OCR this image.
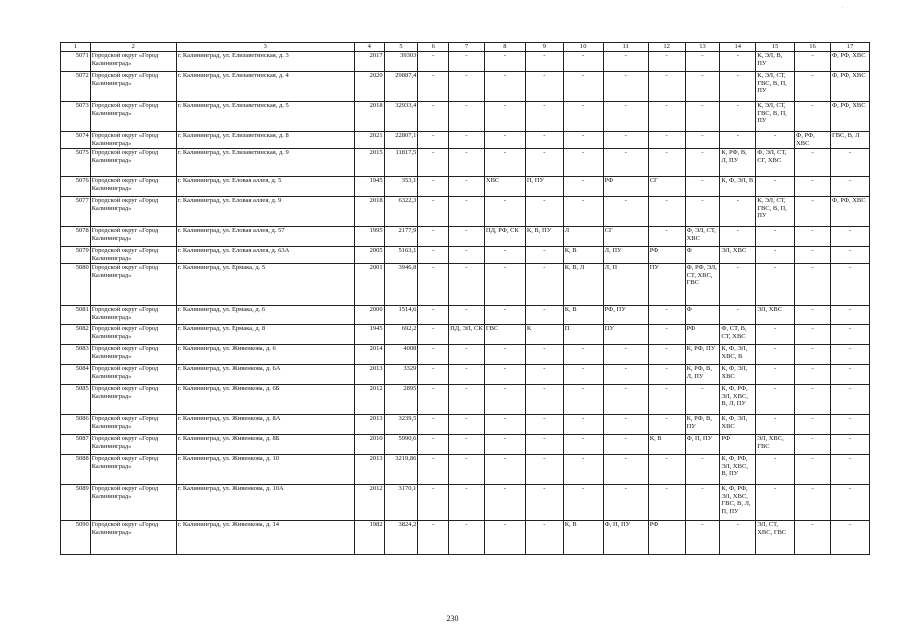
·
1	2	3	4	5	6	7	8	9	10	11	12	13	14	15	16	17
5071	Городской округ «Город Калининград»	г. Калининград, ул. Елизаветинская, д. 3	2017	39303	-	-	-	-	-	-	-	-	-	К, ЭЛ, В, ПУ	-	Ф, РФ, ХВС
5072	Городской округ «Город Калининград»	г. Калининград, ул. Елизаветинская, д. 4	2020	29887,4	-	-	-	-	-	-	-	-	-	К, ЭЛ, СТ, ГВС, В, П, ПУ	-	Ф, РФ, ХВС
5073	Городской округ «Город Калининград»	г. Калининград, ул. Елизаветинская, д. 5	2018	32933,4	-	-	-	-	-	-	-	-	-	К, ЭЛ, СТ, ГВС, В, П, ПУ	-	Ф, РФ, ХВС
5074	Городской округ «Город Калининград»	г. Калининград, ул. Елизаветинская, д. 8	2021	22807,1	-	-	-	-	-	-	-	-	-	-	Ф, РФ, ХВС	ГВС, В, Л
5075	Городской округ «Город Калининград»	г. Калининград, ул. Елизаветинская, д. 9	2015	11817,5	-	-	-	-	-	-	-	-	К, РФ, В, Л, ПУ	Ф, ЭЛ, СТ, СГ, ХВС	-	-
5076	Городской округ «Город Калининград»	г. Калининград, ул. Еловая аллея, д. 5	1945	353,1	-	-	ХВС	П, ПУ	-	РФ	СГ	-	К, Ф, ЭЛ, В	-	-	-
5077	Городской округ «Город Калининград»	г. Калининград, ул. Еловая аллея, д. 9	2018	6322,3	-	-	-	-	-	-	-	-	-	К, ЭЛ, СТ, ГВС, В, П, ПУ	-	Ф, РФ, ХВС
5078	Городской округ «Город Калининград»	г. Калининград, ул. Еловая аллея, д. 57	1995	2177,9	-	-	ПД, РФ, СК	К, В, ПУ	Л	СГ	-	Ф, ЭЛ, СТ, ХВС	-	-	-	-
5079	Городской округ «Город Калининград»	г. Калининград, ул. Еловая аллея, д. 63А	2005	5163,1	-	-	-	-	К, В	Л, ПУ	РФ	Ф	ЭЛ, ХВС	-	-	-
5080	Городской округ «Город Калининград»	г. Калининград, ул. Ермака, д. 5	2001	3946,8	-	-	-	-	К, В, Л	Л, П	ПУ	Ф, РФ, ЭЛ, СТ, ХВС, ГВС	-	-	-	-
5081	Городской округ «Город Калининград»	г. Калининград, ул. Ермака, д. 6	2000	1514,6	-	-	-	-	К, В	РФ, ПУ	-	Ф	-	ЭЛ, ХВС	-	-
5082	Городской округ «Город Калининград»	г. Калининград, ул. Ермака, д. 8	1945	692,2	-	ПД, ЭЛ, СК	ГВС	К	П	ПУ	-	РФ	Ф, СТ, В, СТ, ХВС	-	-	-
5083	Городской округ «Город Калининград»	г. Калининград, ул. Живенкова, д. 6	2014	4008	-	-	-	-	-	-	-	К, РФ, ПУ	К, Ф, ЭЛ, ХВС, В	-	-	-
5084	Городской округ «Город Калининград»	г. Калининград, ул. Живенкова, д. 6А	2013	3329	-	-	-	-	-	-	-	К, РФ, В, Л, ПУ	К, Ф, ЭЛ, ХВС	-	-	-
5085	Городской округ «Город Калининград»	г. Калининград, ул. Живенкова, д. 6Б	2012	2895	-	-	-	-	-	-	-	-	К, Ф, РФ, ЭЛ, ХВС, В, Л, ПУ	-	-	-
5086	Городской округ «Город Калининград»	г. Калининград, ул. Живенкова, д. 8А	2013	3239,5	-	-	-	-	-	-	-	К, РФ, В, ПУ	К, Ф, ЭЛ, ХВС	-	-	-
5087	Городской округ «Город Калининград»	г. Калининград, ул. Живенкова, д. 8Б	2010	5990,6	-	-	-	-	-	-	К, В	Ф, П, ПУ	РФ	ЭЛ, ХВС, ГВС	-	-
5088	Городской округ «Город Калининград»	г. Калининград, ул. Живенкова, д. 10	2013	3219,86	-	-	-	-	-	-	-	-	К, Ф, РФ, ЭЛ, ХВС, В, ПУ	-	-	-
5089	Городской округ «Город Калининград»	г. Калининград, ул. Живенкова, д. 10А	2012	3170,1	-	-	-	-	-	-	-	-	К, Ф, РФ, ЭЛ, ХВС, ГВС, В, Л, П, ПУ	-	-	-
5090	Городской округ «Город Калининград»	г. Калининград, ул. Живенкова, д. 14	1982	3824,2	-	-	-	-	К, В	Ф, П, ПУ	РФ	-	-	ЭЛ, СТ, ХВС, ГВС	-	-
230
